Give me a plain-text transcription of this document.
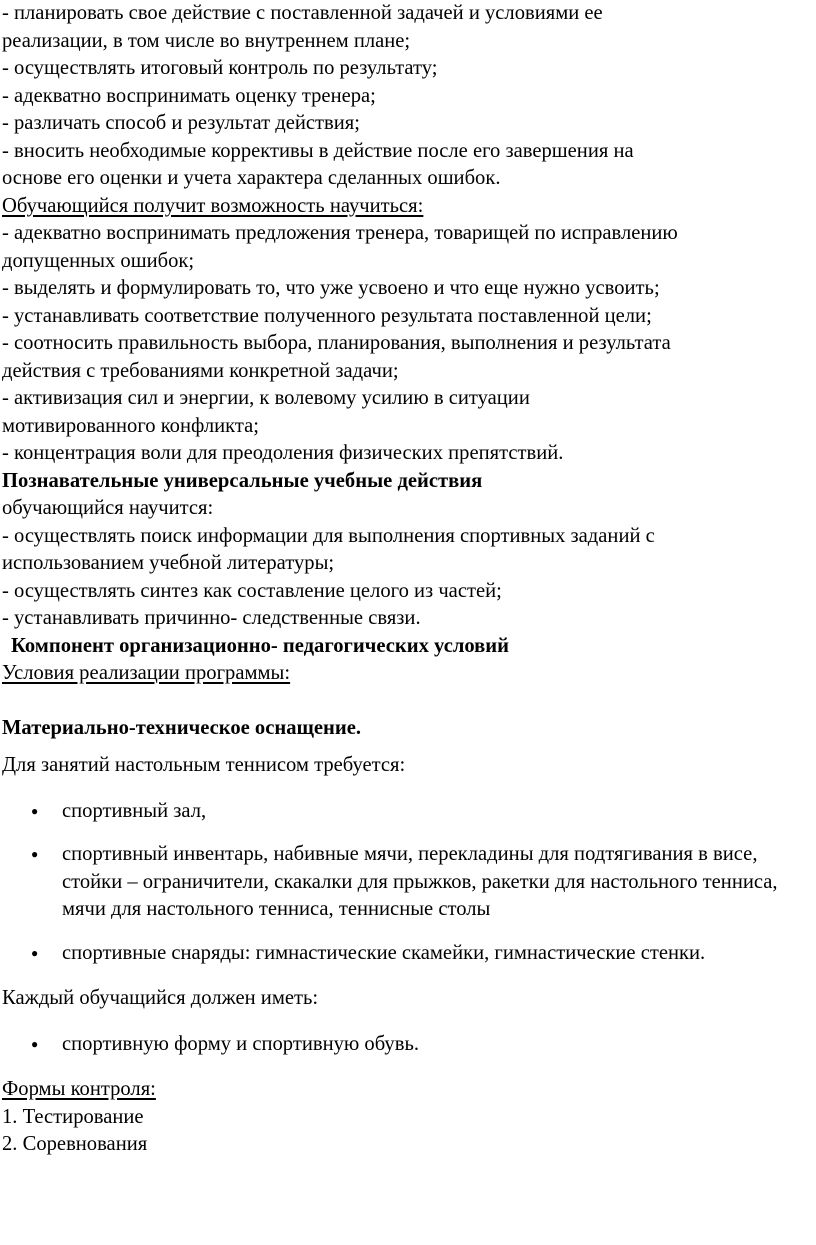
- планировать свое действие с поставленной задачей и условиями ее
реализации, в том числе во внутреннем плане;
- осуществлять итоговый контроль по результату;
- адекватно воспринимать оценку тренера;
- различать способ и результат действия;
- вносить необходимые коррективы в действие после его завершения на
основе его оценки и учета характера сделанных ошибок.
Обучающийся получит возможность научиться:
- адекватно воспринимать предложения тренера, товарищей по исправлению
допущенных ошибок;
- выделять и формулировать то, что уже усвоено и что еще нужно усвоить;
- устанавливать соответствие полученного результата поставленной цели;
- соотносить правильность выбора, планирования, выполнения и результата
действия с требованиями конкретной задачи;
- активизация сил и энергии, к волевому усилию в ситуации
мотивированного конфликта;
- концентрация воли для преодоления физических препятствий.
Познавательные универсальные учебные действия
обучающийся научится:
- осуществлять поиск информации для выполнения спортивных заданий с
использованием учебной литературы;
- осуществлять синтез как составление целого из частей;
- устанавливать причинно- следственные связи.
Компонент организационно- педагогических условий
Условия реализации программы:
Материально-техническое оснащение.
Для занятий настольным теннисом требуется:
● спортивный зал,
● спортивный инвентарь, набивные мячи, перекладины для подтягивания в висе, стойки – ограничители, скакалки для прыжков, ракетки для настольного тенниса, мячи для настольного тенниса, теннисные столы
● спортивные снаряды: гимнастические скамейки, гимнастические стенки.
Каждый обучащийся должен иметь:
● спортивную форму и спортивную обувь.
Формы контроля:
1. Тестирование
2. Соревнования
